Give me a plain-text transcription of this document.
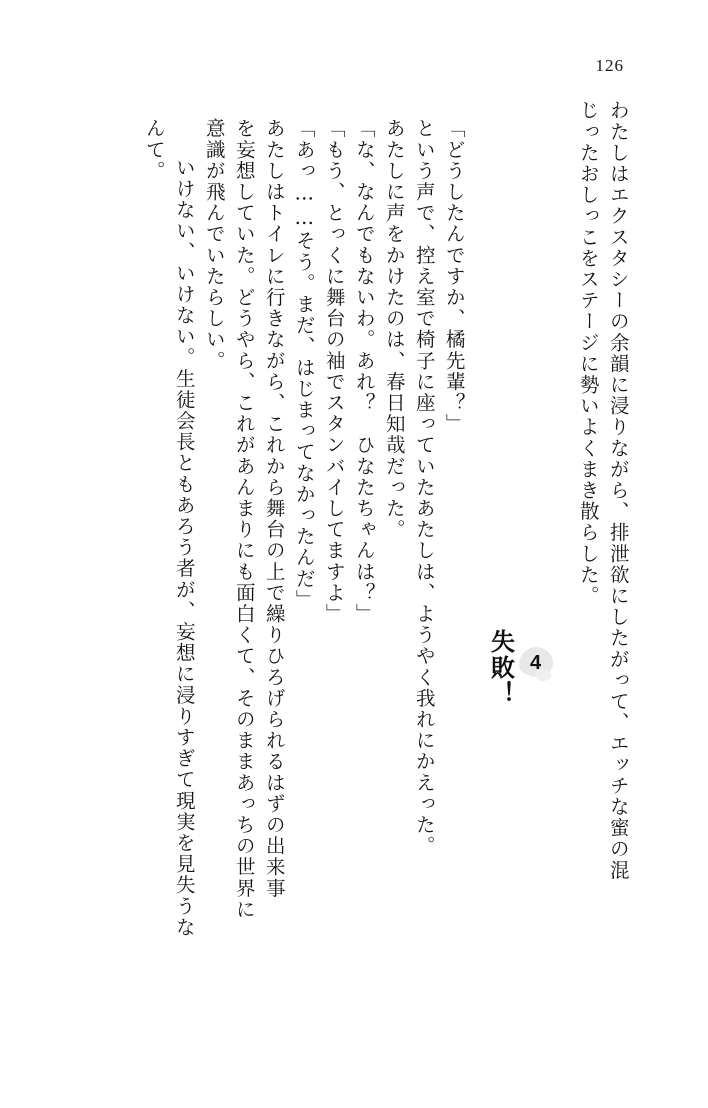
126
わたしはエクスタシーの余韻に浸りながら、排泄欲にしたがって、エッチな蜜の混
じったおしっこをステージに勢いよくまき散らした。
4
失敗！
「どうしたんですか、橘先輩？」
という声で、控え室で椅子に座っていたあたしは、ようやく我れにかえった。
あたしに声をかけたのは、春日知哉だった。
「な、なんでもないわ。あれ？　ひなたちゃんは？」
「もう、とっくに舞台の袖でスタンバイしてますよ」
「あっ……そう。まだ、はじまってなかったんだ」
あたしはトイレに行きながら、これから舞台の上で繰りひろげられるはずの出来事
を妄想していた。どうやら、これがあんまりにも面白くて、そのままあっちの世界に
意識が飛んでいたらしい。
　いけない、いけない。生徒会長ともあろう者が、妄想に浸りすぎて現実を見失うな
んて。
